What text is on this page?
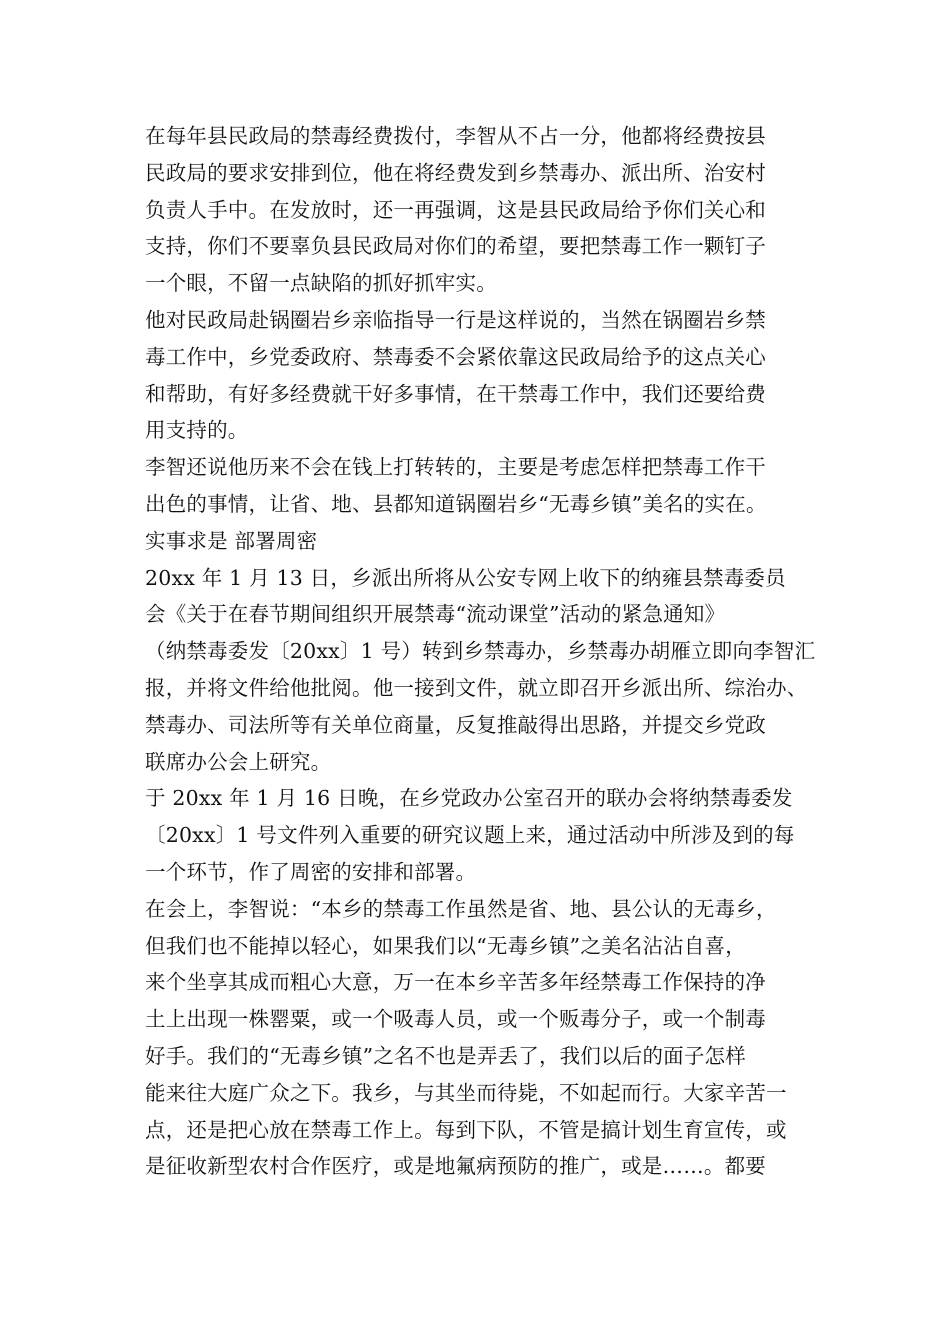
在每年县民政局的禁毒经费拨付，李智从不占一分，他都将经费按县
民政局的要求安排到位，他在将经费发到乡禁毒办、派出所、治安村
负责人手中。在发放时，还一再强调，这是县民政局给予你们关心和
支持，你们不要辜负县民政局对你们的希望，要把禁毒工作一颗钉子
一个眼，不留一点缺陷的抓好抓牢实。
他对民政局赴锅圈岩乡亲临指导一行是这样说的，当然在锅圈岩乡禁
毒工作中，乡党委政府、禁毒委不会紧依靠这民政局给予的这点关心
和帮助，有好多经费就干好多事情，在干禁毒工作中，我们还要给费
用支持的。
李智还说他历来不会在钱上打转转的，主要是考虑怎样把禁毒工作干
出色的事情，让省、地、县都知道锅圈岩乡“无毒乡镇”美名的实在。
实事求是 部署周密
20xx 年 1 月 13 日，乡派出所将从公安专网上收下的纳雍县禁毒委员
会《关于在春节期间组织开展禁毒“流动课堂”活动的紧急通知》
（纳禁毒委发〔20xx〕1 号）转到乡禁毒办，乡禁毒办胡雁立即向李智汇
报，并将文件给他批阅。他一接到文件，就立即召开乡派出所、综治办、
禁毒办、司法所等有关单位商量，反复推敲得出思路，并提交乡党政
联席办公会上研究。
于 20xx 年 1 月 16 日晚，在乡党政办公室召开的联办会将纳禁毒委发
〔20xx〕1 号文件列入重要的研究议题上来，通过活动中所涉及到的每
一个环节，作了周密的安排和部署。
在会上，李智说：“本乡的禁毒工作虽然是省、地、县公认的无毒乡，
但我们也不能掉以轻心，如果我们以“无毒乡镇”之美名沾沾自喜，
来个坐享其成而粗心大意，万一在本乡辛苦多年经禁毒工作保持的净
土上出现一株罂粟，或一个吸毒人员，或一个贩毒分子，或一个制毒
好手。我们的“无毒乡镇”之名不也是弄丢了，我们以后的面子怎样
能来往大庭广众之下。我乡，与其坐而待毙，不如起而行。大家辛苦一
点，还是把心放在禁毒工作上。每到下队，不管是搞计划生育宣传，或
是征收新型农村合作医疗，或是地氟病预防的推广，或是……。都要
